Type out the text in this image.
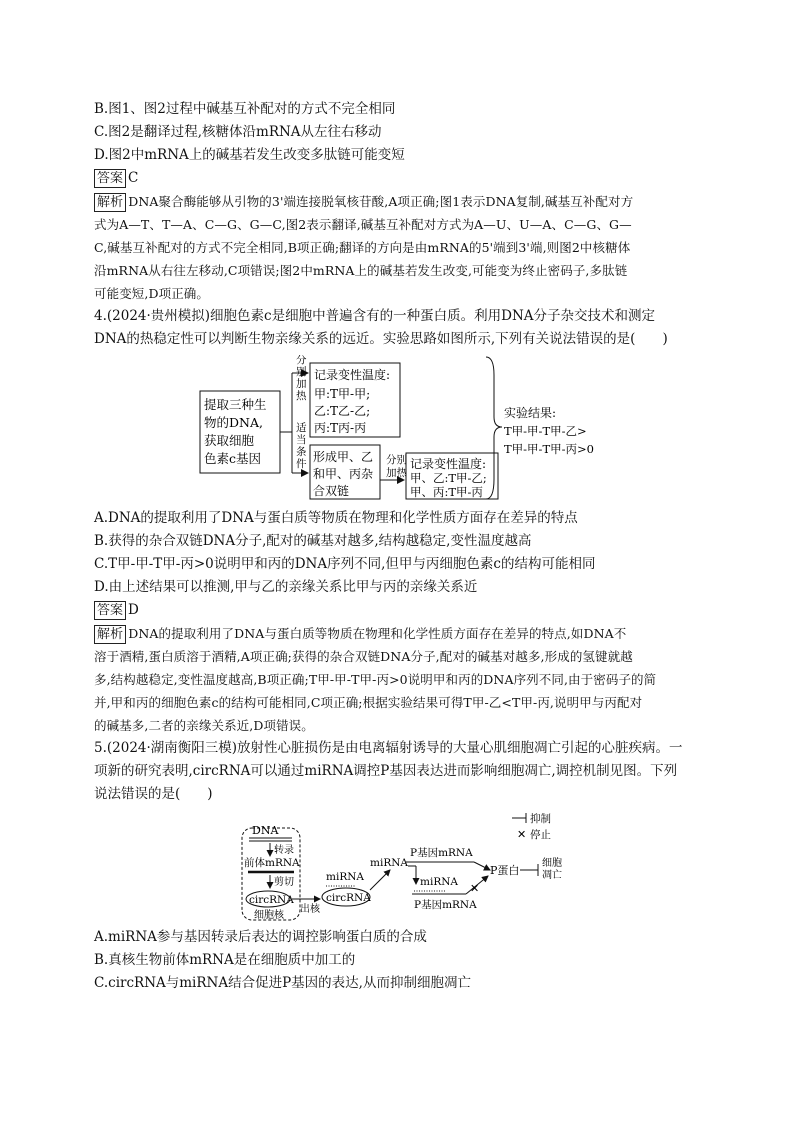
B.图1、图2过程中碱基互补配对的方式不完全相同
C.图2是翻译过程,核糖体沿mRNA从左往右移动
D.图2中mRNA上的碱基若发生改变多肽链可能变短
答案 C
解析 DNA聚合酶能够从引物的3'端连接脱氧核苷酸,A项正确;图1表示DNA复制,碱基互补配对方
式为A—T、T—A、C—G、G—C,图2表示翻译,碱基互补配对方式为A—U、U—A、C—G、G—
C,碱基互补配对的方式不完全相同,B项正确;翻译的方向是由mRNA的5'端到3'端,则图2中核糖体
沿mRNA从右往左移动,C项错误;图2中mRNA上的碱基若发生改变,可能变为终止密码子,多肽链
可能变短,D项正确。
4.(2024·贵州模拟)细胞色素c是细胞中普遍含有的一种蛋白质。利用DNA分子杂交技术和测定
DNA的热稳定性可以判断生物亲缘关系的远近。实验思路如图所示,下列有关说法错误的是(　　)
提取三种生
物的DNA,
获取细胞
色素c基因
分
别
加
热
适
当
条
件
记录变性温度:
甲:T甲-甲;
乙:T乙-乙;
丙:T丙-丙
形成甲、乙
和甲、丙杂
合双链
分别
加热
记录变性温度:
甲、乙:T甲-乙;
甲、丙:T甲-丙
实验结果:
T甲-甲-T甲-乙>
T甲-甲-T甲-丙>0
A.DNA的提取利用了DNA与蛋白质等物质在物理和化学性质方面存在差异的特点
B.获得的杂合双链DNA分子,配对的碱基对越多,结构越稳定,变性温度越高
C.T甲-甲-T甲-丙>0说明甲和丙的DNA序列不同,但甲与丙细胞色素c的结构可能相同
D.由上述结果可以推测,甲与乙的亲缘关系比甲与丙的亲缘关系近
答案 D
解析 DNA的提取利用了DNA与蛋白质等物质在物理和化学性质方面存在差异的特点,如DNA不
溶于酒精,蛋白质溶于酒精,A项正确;获得的杂合双链DNA分子,配对的碱基对越多,形成的氢键就越
多,结构越稳定,变性温度越高,B项正确;T甲-甲-T甲-丙>0说明甲和丙的DNA序列不同,由于密码子的简
并,甲和丙的细胞色素c的结构可能相同,C项正确;根据实验结果可得T甲-乙<T甲-丙,说明甲与丙配对
的碱基多,二者的亲缘关系近,D项错误。
5.(2024·湖南衡阳三模)放射性心脏损伤是由电离辐射诱导的大量心肌细胞凋亡引起的心脏疾病。一
项新的研究表明,circRNA可以通过miRNA调控P基因表达进而影响细胞凋亡,调控机制见图。下列
说法错误的是(　　)
DNA
转录
前体mRNA
剪切
circRNA
细胞核
出核
miRNA
circRNA
miRNA
P基因mRNA
miRNA
P基因mRNA
✕
P蛋白
细胞
凋亡
抑制
✕ 停止
A.miRNA参与基因转录后表达的调控影响蛋白质的合成
B.真核生物前体mRNA是在细胞质中加工的
C.circRNA与miRNA结合促进P基因的表达,从而抑制细胞凋亡
